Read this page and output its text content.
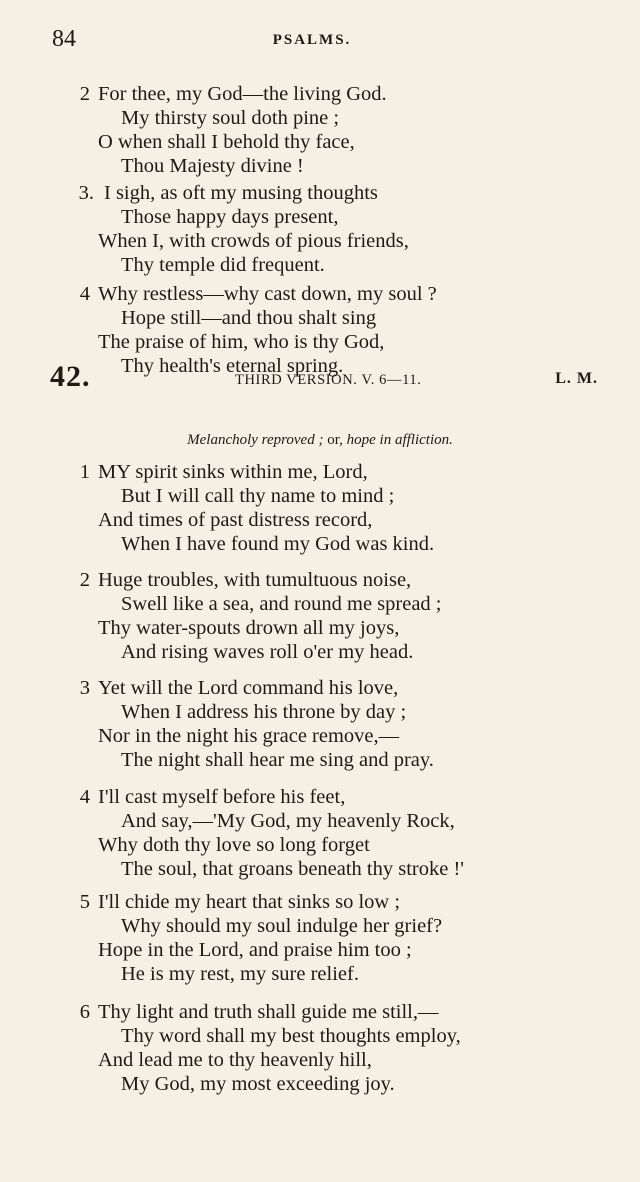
84	PSALMS.
2 For thee, my God—the living God.
My thirsty soul doth pine ;
O when shall I behold thy face,
Thou Majesty divine !
3. I sigh, as oft my musing thoughts
Those happy days present,
When I, with crowds of pious friends,
Thy temple did frequent.
4 Why restless—why cast down, my soul ?
Hope still—and thou shalt sing
The praise of him, who is thy God,
Thy health's eternal spring.
42.	THIRD VERSION. V. 6—11.	L. M.
Melancholy reproved ; or, hope in affliction.
1 MY spirit sinks within me, Lord,
But I will call thy name to mind ;
And times of past distress record,
When I have found my God was kind.
2 Huge troubles, with tumultuous noise,
Swell like a sea, and round me spread ;
Thy water-spouts drown all my joys,
And rising waves roll o'er my head.
3 Yet will the Lord command his love,
When I address his throne by day ;
Nor in the night his grace remove,—
The night shall hear me sing and pray.
4 I'll cast myself before his feet,
And say,—'My God, my heavenly Rock,
Why doth thy love so long forget
The soul, that groans beneath thy stroke !'
5 I'll chide my heart that sinks so low ;
Why should my soul indulge her grief?
Hope in the Lord, and praise him too ;
He is my rest, my sure relief.
6 Thy light and truth shall guide me still,—
Thy word shall my best thoughts employ,
And lead me to thy heavenly hill,
My God, my most exceeding joy.
